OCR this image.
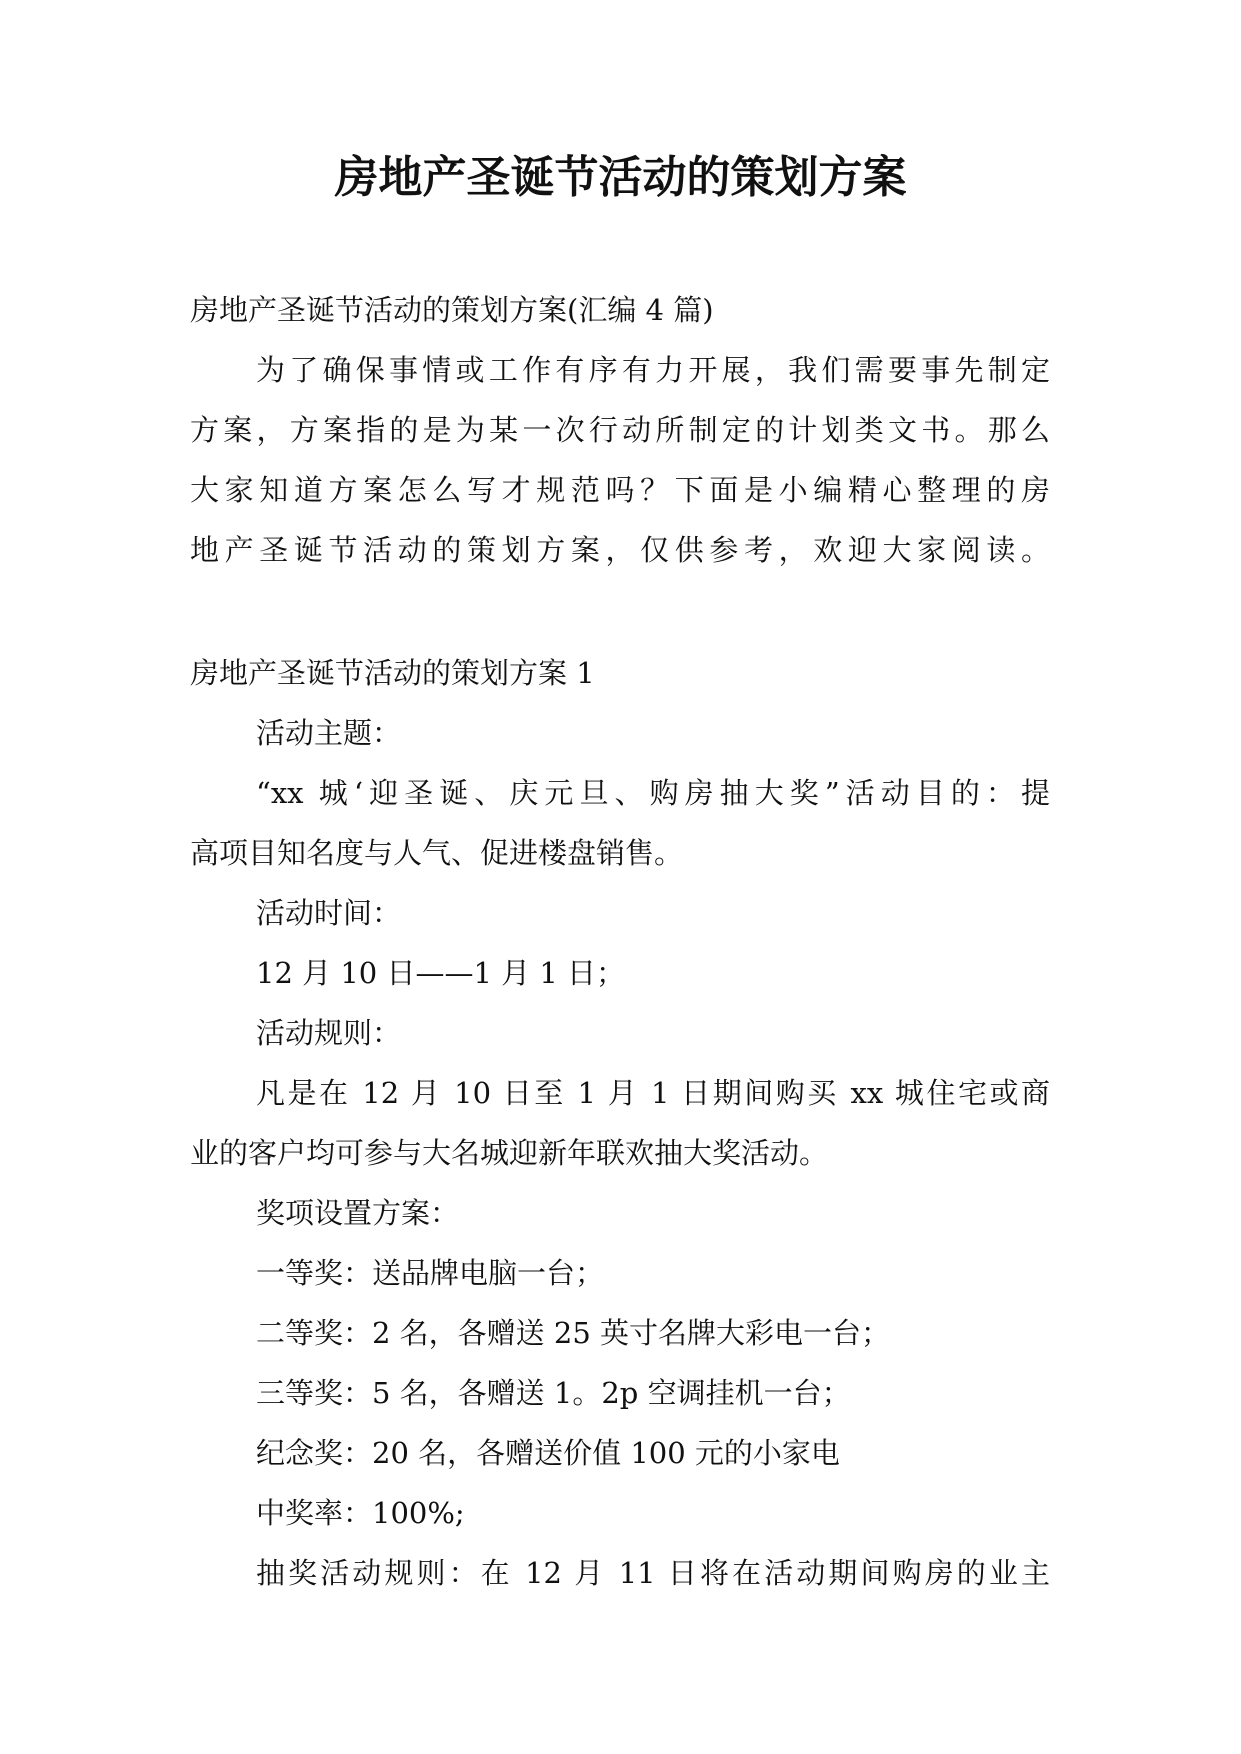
房地产圣诞节活动的策划方案
房地产圣诞节活动的策划方案(汇编 4 篇)
为了确保事情或工作有序有力开展，我们需要事先制定
方案，方案指的是为某一次行动所制定的计划类文书。那么
大家知道方案怎么写才规范吗？下面是小编精心整理的房
地产圣诞节活动的策划方案，仅供参考，欢迎大家阅读。
房地产圣诞节活动的策划方案 1
活动主题：
“xx 城‘迎圣诞、庆元旦、购房抽大奖”活动目的：提
高项目知名度与人气、促进楼盘销售。
活动时间：
12 月 10 日——1 月 1 日；
活动规则：
凡是在 12 月 10 日至 1 月 1 日期间购买 xx 城住宅或商
业的客户均可参与大名城迎新年联欢抽大奖活动。
奖项设置方案：
一等奖：送品牌电脑一台；
二等奖：2 名，各赠送 25 英寸名牌大彩电一台；
三等奖：5 名，各赠送 1。2p 空调挂机一台；
纪念奖：20 名，各赠送价值 100 元的小家电
中奖率：100%;
抽奖活动规则：在 12 月 11 日将在活动期间购房的业主
